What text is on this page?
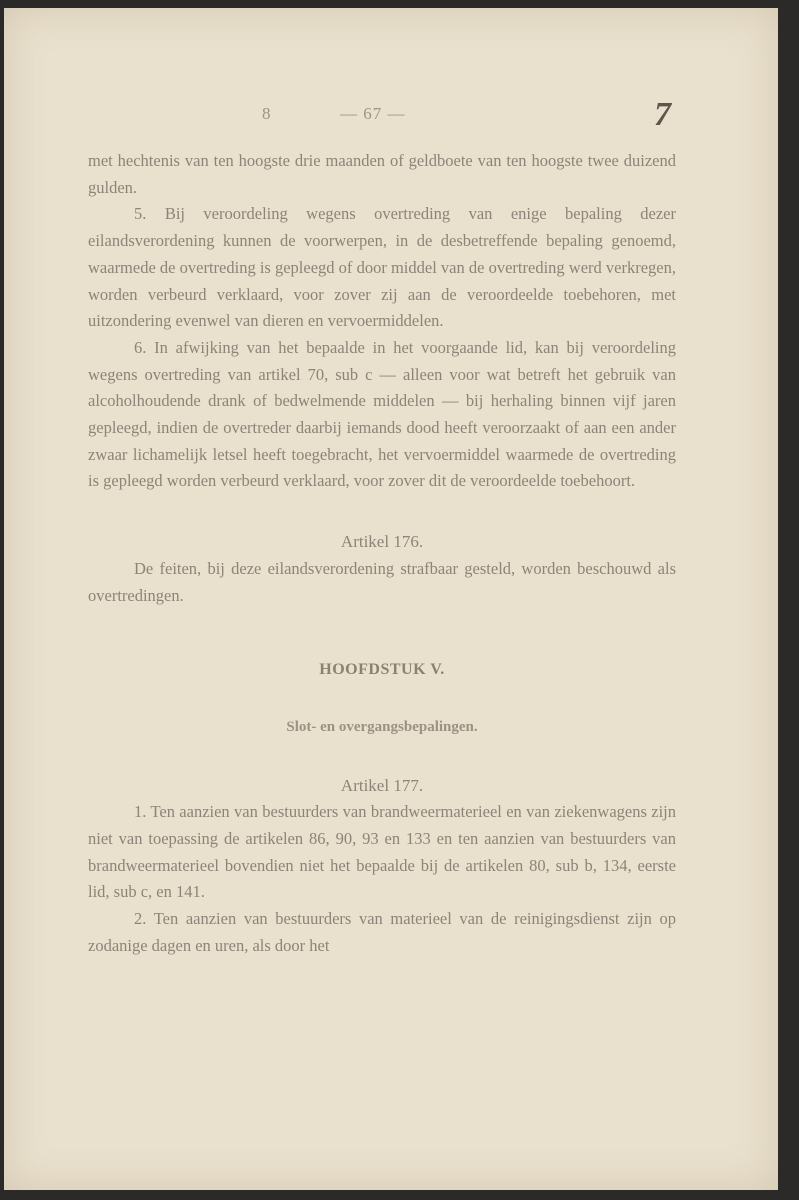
8	— 67 —	7

met hechtenis van ten hoogste drie maanden of geldboete van ten hoogste twee duizend gulden.

5. Bij veroordeling wegens overtreding van enige bepaling dezer eilandsverordening kunnen de voorwerpen, in de desbetreffende bepaling genoemd, waarmede de overtreding is gepleegd of door middel van de overtreding werd verkregen, worden verbeurd verklaard, voor zover zij aan de veroordeelde toebehoren, met uitzondering evenwel van dieren en vervoermiddelen.

6. In afwijking van het bepaalde in het voorgaande lid, kan bij veroordeling wegens overtreding van artikel 70, sub c — alleen voor wat betreft het gebruik van alcoholhoudende drank of bedwelmende middelen — bij herhaling binnen vijf jaren gepleegd, indien de overtreder daarbij iemands dood heeft veroorzaakt of aan een ander zwaar lichamelijk letsel heeft toegebracht, het vervoermiddel waarmede de overtreding is gepleegd worden verbeurd verklaard, voor zover dit de veroordeelde toebehoort.

Artikel 176.

De feiten, bij deze eilandsverordening strafbaar gesteld, worden beschouwd als overtredingen.

HOOFDSTUK V.
Slot- en overgangsbepalingen.
Artikel 177.

1. Ten aanzien van bestuurders van brandweermaterieel en van ziekenwagens zijn niet van toepassing de artikelen 86, 90, 93 en 133 en ten aanzien van bestuurders van brandweermaterieel bovendien niet het bepaalde bij de artikelen 80, sub b, 134, eerste lid, sub c, en 141.

2. Ten aanzien van bestuurders van materieel van de reinigingsdienst zijn op zodanige dagen en uren, als door het
